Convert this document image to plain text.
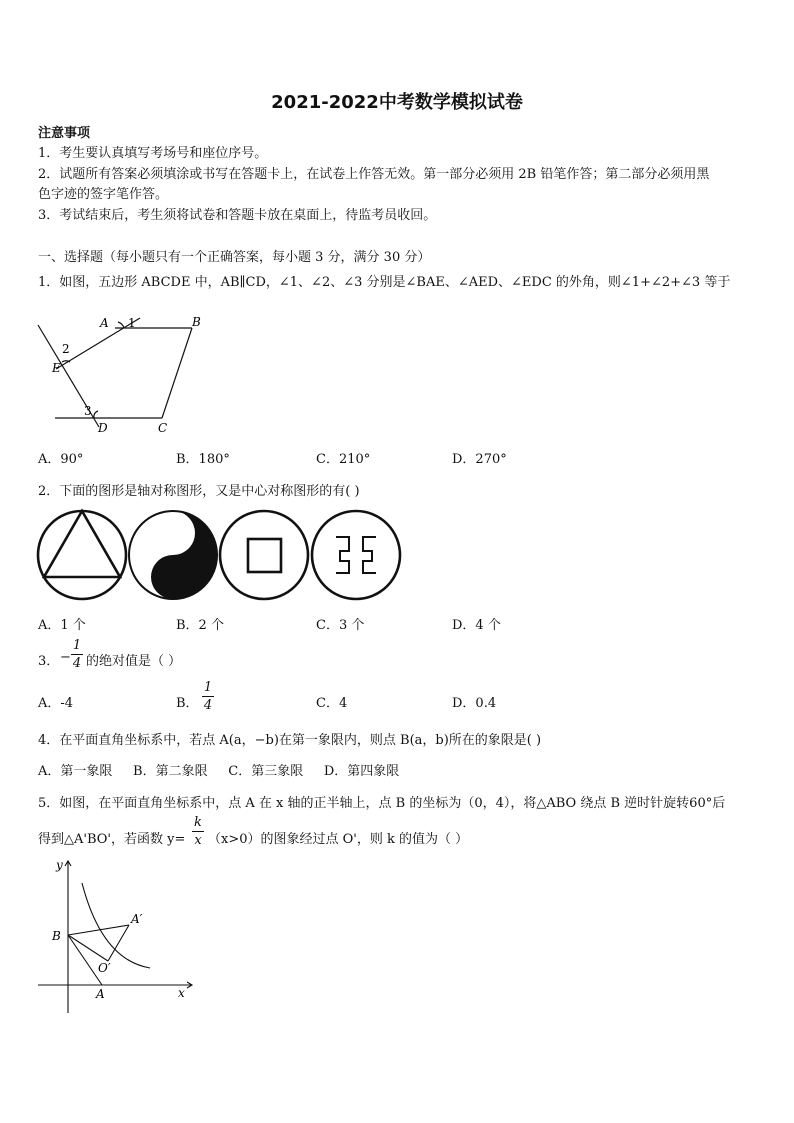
2021-2022中考数学模拟试卷
注意事项
1．考生要认真填写考场号和座位序号。
2．试题所有答案必须填涂或书写在答题卡上，在试卷上作答无效。第一部分必须用 2B 铅笔作答；第二部分必须用黑
色字迹的签字笔作答。
3．考试结束后，考生须将试卷和答题卡放在桌面上，待监考员收回。
一、选择题（每小题只有一个正确答案，每小题 3 分，满分 30 分）
1．如图，五边形 ABCDE 中，AB∥CD，∠1、∠2、∠3 分别是∠BAE、∠AED、∠EDC 的外角，则∠1+∠2+∠3 等于
A 1	B
2
E
3
D	C
A．90°	B．180°	C．210°	D．270°
2．下面的图形是轴对称图形，又是中心对称图形的有( )
A．1 个	B．2 个	C．3 个	D．4 个
3． −
1
4 的绝对值是（ ）
A．-4	B．
1
4	C．4	D．0.4
4．在平面直角坐标系中，若点 A(a，−b)在第一象限内，则点 B(a，b)所在的象限是( )
A．第一象限     B．第二象限     C．第三象限     D．第四象限
5．如图，在平面直角坐标系中，点 A 在 x 轴的正半轴上，点 B 的坐标为（0，4），将△ABO 绕点 B 逆时针旋转60°后
得到△A'BO'，若函数 y=
k
x （x>0）的图象经过点 O'，则 k 的值为（ ）
y
x
B
A
A′
O′
